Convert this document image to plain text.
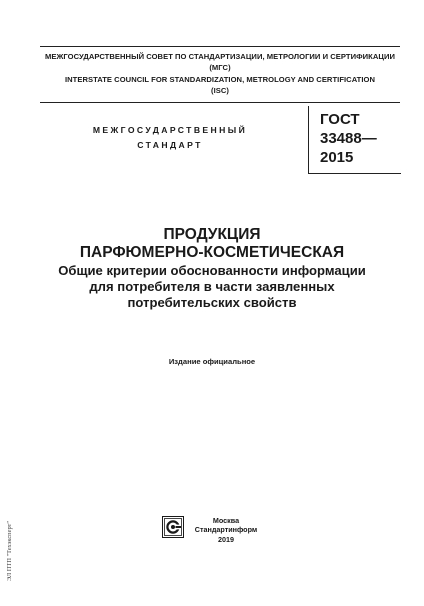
МЕЖГОСУДАРСТВЕННЫЙ СОВЕТ ПО СТАНДАРТИЗАЦИИ, МЕТРОЛОГИИ И СЕРТИФИКАЦИИ
(МГС)
INTERSTATE COUNCIL FOR STANDARDIZATION, METROLOGY AND CERTIFICATION
(ISC)
МЕЖГОСУДАРСТВЕННЫЙ
СТАНДАРТ
ГОСТ
33488—
2015
ПРОДУКЦИЯ
ПАРФЮМЕРНО-КОСМЕТИЧЕСКАЯ
Общие критерии обоснованности информации
для потребителя в части заявленных
потребительских свойств
Издание официальное
Москва
Стандартинформ
2019
ЭЛ ПТП "Техэксперт"
